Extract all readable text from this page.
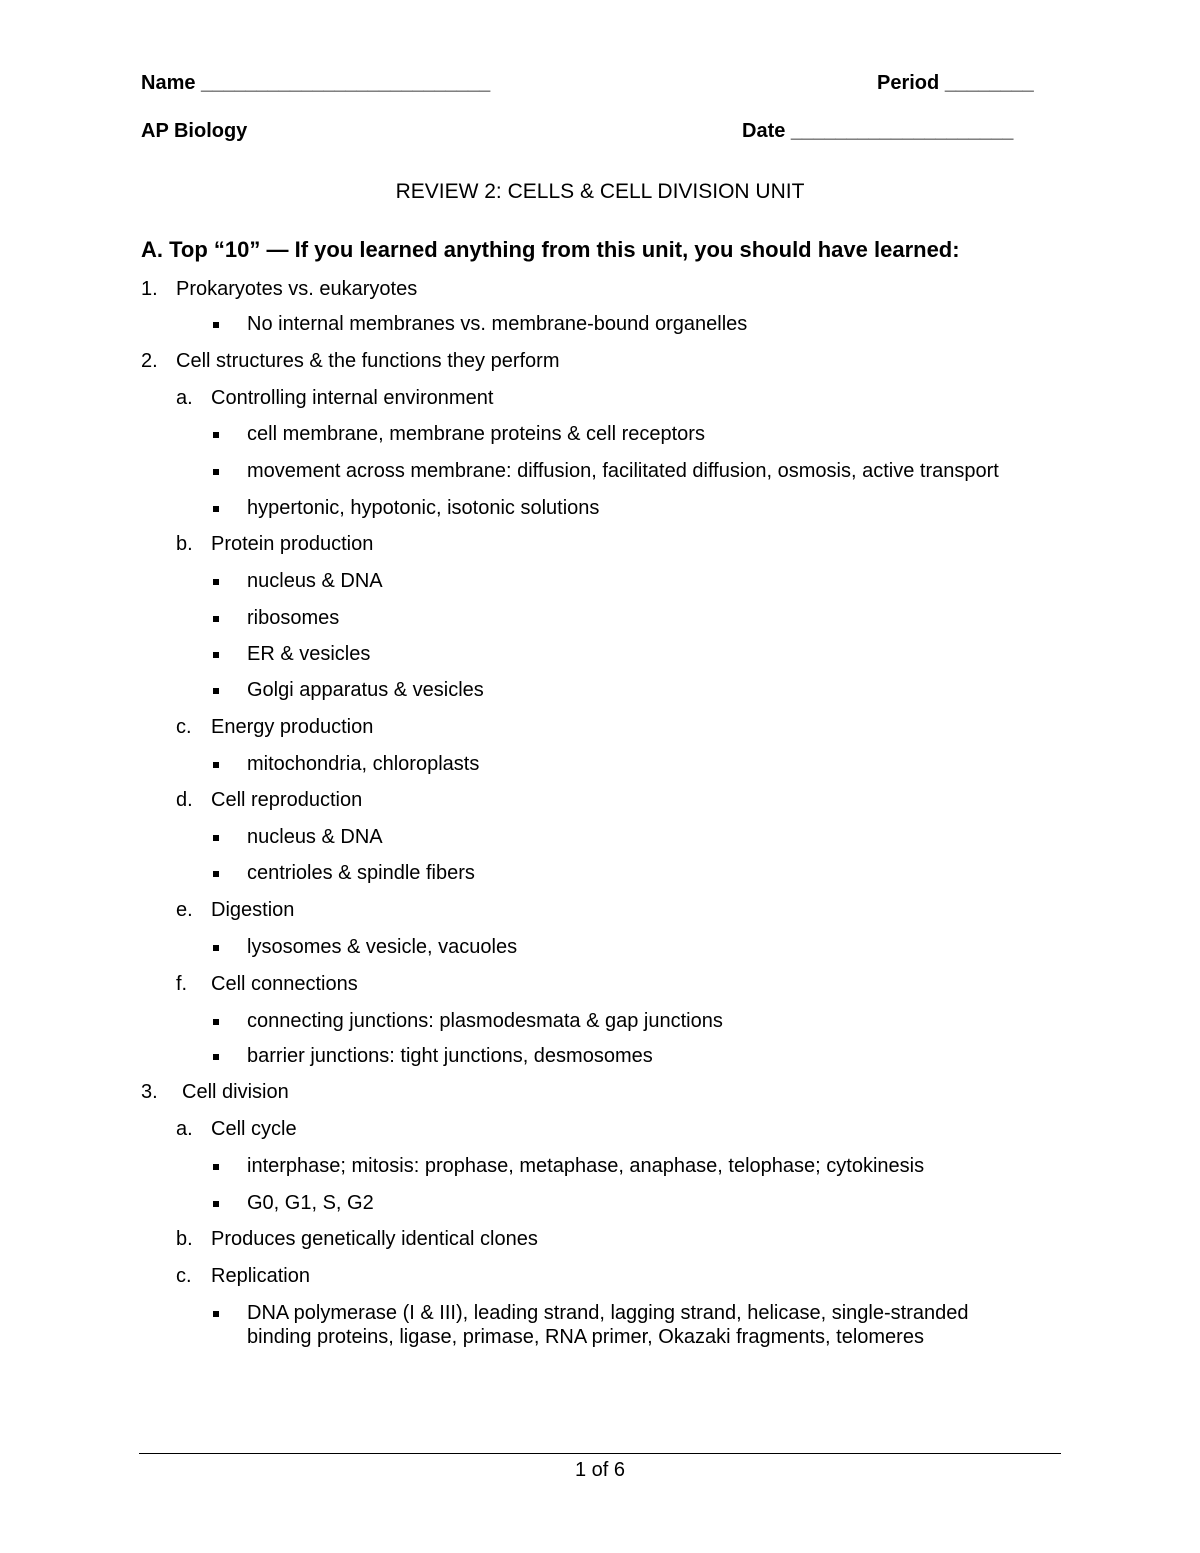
Name __________________________	Period ________
AP Biology	Date ____________________
REVIEW 2: CELLS & CELL DIVISION UNIT
A. Top “10” — If you learned anything from this unit, you should have learned:
1. Prokaryotes vs. eukaryotes
No internal membranes vs. membrane-bound organelles
2. Cell structures & the functions they perform
a. Controlling internal environment
cell membrane, membrane proteins & cell receptors
movement across membrane: diffusion, facilitated diffusion, osmosis, active transport
hypertonic, hypotonic, isotonic solutions
b. Protein production
nucleus & DNA
ribosomes
ER & vesicles
Golgi apparatus & vesicles
c. Energy production
mitochondria, chloroplasts
d. Cell reproduction
nucleus & DNA
centrioles & spindle fibers
e. Digestion
lysosomes & vesicle, vacuoles
f. Cell connections
connecting junctions: plasmodesmata & gap junctions
barrier junctions: tight junctions, desmosomes
3. Cell division
a. Cell cycle
interphase; mitosis: prophase, metaphase, anaphase, telophase; cytokinesis
G0, G1, S, G2
b. Produces genetically identical clones
c. Replication
DNA polymerase (I & III), leading strand, lagging strand, helicase, single-stranded
binding proteins, ligase, primase, RNA primer, Okazaki fragments, telomeres
1 of 6
